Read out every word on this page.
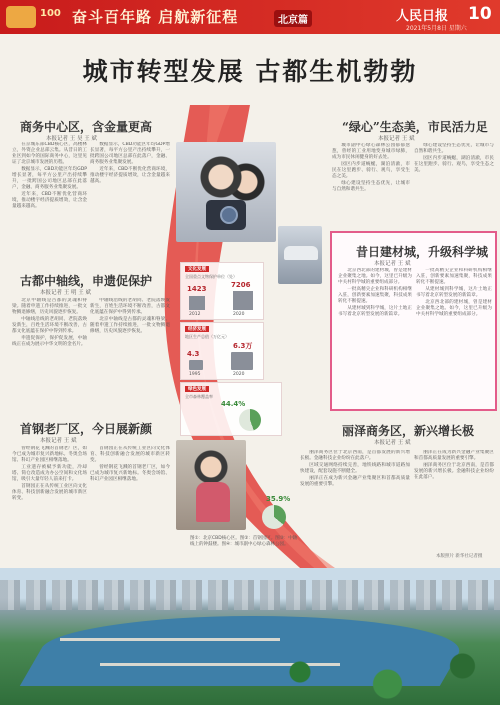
100 奋斗百年路 启航新征程	北京篇	人民日报 10
2021年5月8日 星期六
城市转型发展 古都生机勃勃
文化发展
全国重点文物保护单位（处）
1423
2012
7206
2020
经济发展
地区生产总值（万亿元）
4.3
1995
6.3万
2020
绿色发展
全市森林覆盖率
44.4%
35.9%
图①：北京CBD核心区。图②：首钢园区。图③：中轴线上的钟鼓楼。图④：城市副中心绿心森林公园。
本版照片 新华社记者摄
商务中心区，含金量更高
本报记者 王 昊 王 斌

在京城东部CBD核心区，高楼林立，外资企业总部云集。从昔日的工业区到如今的国际商务中心，这里见证了北京城市发展的历程。

数据显示，CBD功能区年均GDP增长显著，每平方公里产出持续攀升，一批跨国公司地区总部在此落户，金融、商务服务业集聚发展。

近年来，CBD不断优化营商环境，推动楼宇经济提质增效，让含金量越来越高。

数据显示，CBD功能区年均GDP增长显著，每平方公里产出持续攀升，一批跨国公司地区总部在此落户，金融、商务服务业集聚发展。

近年来，CBD不断优化营商环境，推动楼宇经济提质增效，让含金量越来越高。

古都中轴线，申遗促保护
本报记者 王 明 王 斌

北京中轴线是古都的灵魂和脊梁。随着申遗工作持续推进，一批文物腾退修缮，历史风貌逐步恢复。

中轴线沿线的老胡同、老院落焕发新生，百姓生活环境不断改善，古都文化底蕴在保护中得到传承。

申遗促保护，保护促发展，中轴线正在成为展示中华文明的金名片。

中轴线沿线的老胡同、老院落焕发新生，百姓生活环境不断改善，古都文化底蕴在保护中得到传承。

北京中轴线是古都的灵魂和脊梁。随着申遗工作持续推进，一批文物腾退修缮，历史风貌逐步恢复。

首钢老厂区，今日展新颜
本报记者 王 斌

曾经钢花飞溅的首钢老厂区，如今已成为城市复兴新地标。冬奥会场馆、科幻产业园区相继落地。

工业遗存被赋予新功能，冷却塔、筒仓改造成为办公空间和文化场馆，吸引大量年轻人前来打卡。

首钢园正在从传统工业区向文化体育、科技创新融合发展的城市新区转变。

首钢园正在从传统工业区向文化体育、科技创新融合发展的城市新区转变。

曾经钢花飞溅的首钢老厂区，如今已成为城市复兴新地标。冬奥会场馆、科幻产业园区相继落地。

“绿心”生态美，市民活力足
本报记者 王 斌

城市副中心绿心森林公园郁郁葱葱，曾经的工业用地变身城市绿肺，成为市民休闲健身的好去处。

园区内步道蜿蜒，湖泊清澈，市民在这里跑步、骑行、观鸟，享受生态之美。

绿心建设坚持生态优先，让城市与自然和谐共生。

绿心建设坚持生态优先，让城市与自然和谐共生。

园区内步道蜿蜒，湖泊清澈，市民在这里跑步、骑行、观鸟，享受生态之美。

昔日建材城，升级科学城
本报记者 王 斌

北京西北部的建材城，曾是建材企业聚集之地。如今，这里已升级为中关村科学城的重要组成部分。

一批高精尖企业和科研机构相继入驻，创新要素加速集聚，科技成果转化不断提速。

从建材城到科学城，这片土地正书写着北京转型发展的新篇章。

一批高精尖企业和科研机构相继入驻，创新要素加速集聚，科技成果转化不断提速。

从建材城到科学城，这片土地正书写着北京转型发展的新篇章。

北京西北部的建材城，曾是建材企业聚集之地。如今，这里已升级为中关村科学城的重要组成部分。

丽泽商务区，新兴增长极
本报记者 王 斌

丽泽商务区位于北京西南，是首都发展的新兴增长极。金融科技企业纷纷在此落户。

区域交通网络持续完善，地铁线路和城市道路加快建设，配套设施不断健全。

丽泽正在成为新兴金融产业集聚区和首都高质量发展的重要引擎。

丽泽正在成为新兴金融产业集聚区和首都高质量发展的重要引擎。

丽泽商务区位于北京西南，是首都发展的新兴增长极。金融科技企业纷纷在此落户。
